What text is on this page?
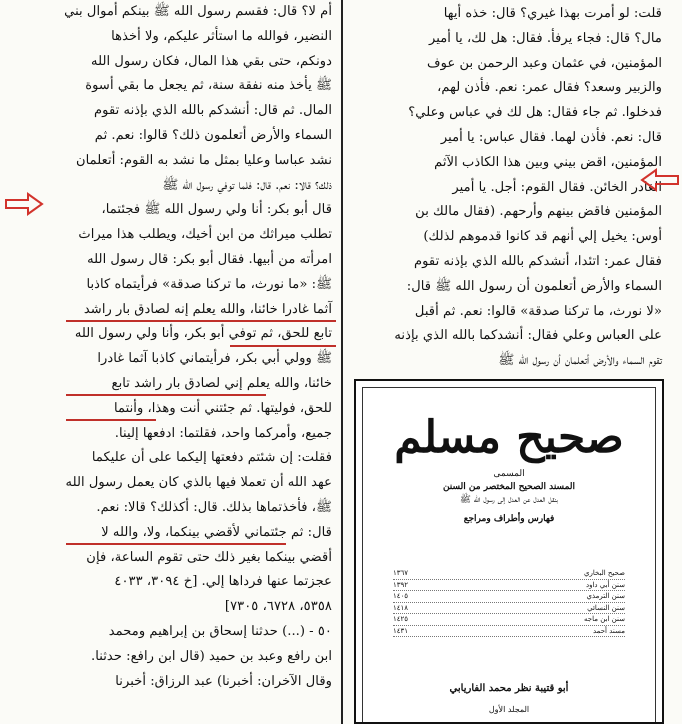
أم لا؟ قال: فقسم رسول الله ﷺ بينكم أموال بني

النضير، فوالله ما استأثر عليكم، ولا أخذها

دونكم، حتى بقي هذا المال، فكان رسول الله

ﷺ يأخذ منه نفقة سنة، ثم يجعل ما بقي أسوة

المال. ثم قال: أنشدكم بالله الذي بإذنه تقوم

السماء والأرض أتعلمون ذلك؟ قالوا: نعم. ثم

نشد عباسا وعليا بمثل ما نشد به القوم: أتعلمان

ذلك؟ قالا: نعم. قال: فلما توفي رسول الله ﷺ

قال أبو بكر: أنا ولي رسول الله ﷺ فجئتما،

تطلب ميراثك من ابن أخيك، ويطلب هذا ميراث

امرأته من أبيها. فقال أبو بكر: قال رسول الله

ﷺ: «ما نورث، ما تركنا صدقة» فرأيتماه كاذبا

آثما غادرا خائنا، والله يعلم إنه لصادق بار راشد

تابع للحق، ثم توفي أبو بكر، وأنا ولي رسول الله

ﷺ وولي أبي بكر، فرأيتماني كاذبا آثما غادرا

خائنا، والله يعلم إني لصادق بار راشد تابع

للحق، فوليتها. ثم جئتني أنت وهذا، وأنتما

جميع، وأمركما واحد، فقلتما: ادفعها إلينا.

فقلت: إن شئتم دفعتها إليكما على أن عليكما

عهد الله أن تعملا فيها بالذي كان يعمل رسول الله

ﷺ، فأخذتماها بذلك. قال: أكذلك؟ قالا: نعم.

قال: ثم جئتماني لأقضي بينكما، ولا، والله لا

أقضي بينكما بغير ذلك حتى تقوم الساعة، فإن

عجزتما عنها فرداها إلي. [خ ٣٠٩٤، ٤٠٣٣

٥٣٥٨، ٦٧٢٨، ٧٣٠٥]

٥٠ - (...) حدثنا إسحاق بن إبراهيم ومحمد

ابن رافع وعبد بن حميد (قال ابن رافع: حدثنا.

وقال الآخران: أخبرنا) عبد الرزاق: أخبرنا

قلت: لو أمرت بهذا غيري؟ قال: خذه أيها

مال؟ قال: فجاء يرفأ. فقال: هل لك، يا أمير

المؤمنين، في عثمان وعبد الرحمن بن عوف

والزبير وسعد؟ فقال عمر: نعم. فأذن لهم،

فدخلوا. ثم جاء فقال: هل لك في عباس وعلي؟

قال: نعم. فأذن لهما. فقال عباس: يا أمير

المؤمنين، اقض بيني وبين هذا الكاذب الآثم

الغادر الخائن. فقال القوم: أجل. يا أمير

المؤمنين فاقض بينهم وأرحهم. (فقال مالك بن

أوس: يخيل إلي أنهم قد كانوا قدموهم لذلك)

فقال عمر: اتئدا، أنشدكم بالله الذي بإذنه تقوم

السماء والأرض أتعلمون أن رسول الله ﷺ قال:

«لا نورث، ما تركنا صدقة» قالوا: نعم. ثم أقبل

على العباس وعلي فقال: أنشدكما بالله الذي بإذنه

تقوم السماء والأرض أتعلمان أن رسول الله ﷺ

صحيح مسلم
المسمى
المسند الصحيح المختصر من السنن
بنقل العدل عن العدل إلى رسول الله ﷺ
فهارس وأطراف ومراجع
صحيح البخاري
١٣٦٧
سنن أبي داود
١٣٩٢
سنن الترمذي
١٤٠٥
سنن النسائي
١٤١٨
سنن ابن ماجه
١٤٢٥
مسند أحمد
١٤٣١
أبو قتيبة نظر محمد الفاريابي
المجلد الأول
